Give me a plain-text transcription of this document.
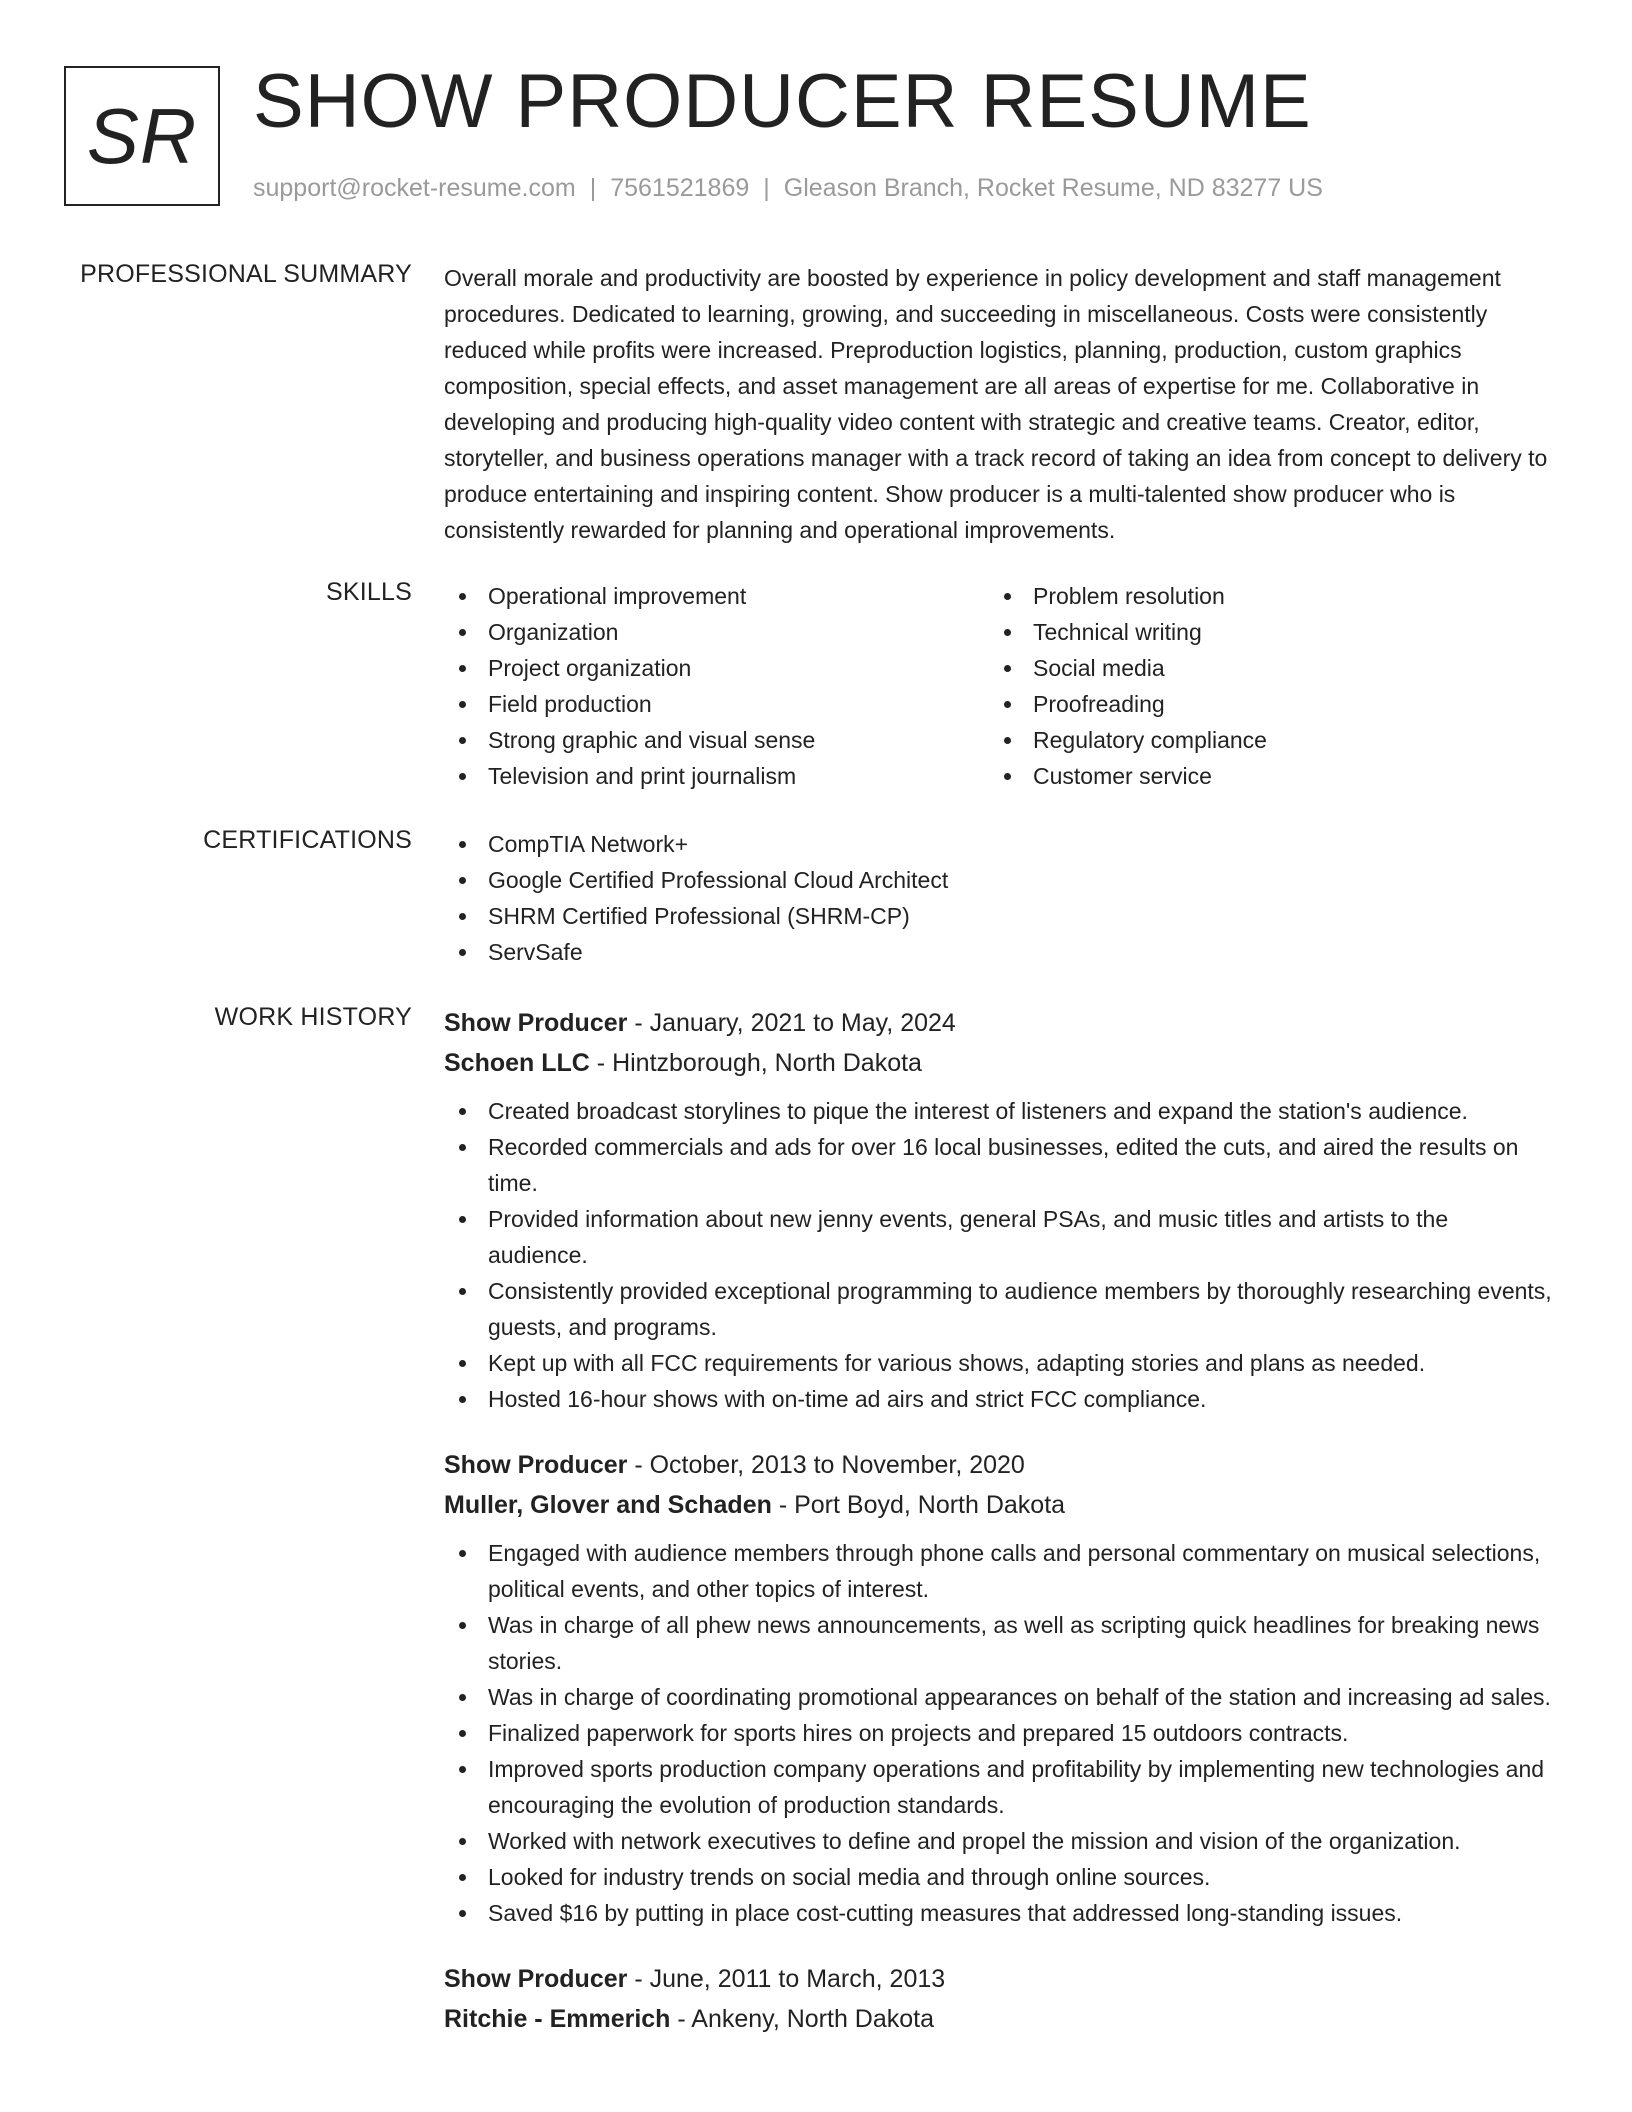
SR SHOW PRODUCER RESUME
support@rocket-resume.com | 7561521869 | Gleason Branch, Rocket Resume, ND 83277 US
PROFESSIONAL SUMMARY Overall morale and productivity are boosted by experience in policy development and staff management procedures. Dedicated to learning, growing, and succeeding in miscellaneous. Costs were consistently reduced while profits were increased. Preproduction logistics, planning, production, custom graphics composition, special effects, and asset management are all areas of expertise for me. Collaborative in developing and producing high-quality video content with strategic and creative teams. Creator, editor, storyteller, and business operations manager with a track record of taking an idea from concept to delivery to produce entertaining and inspiring content. Show producer is a multi-talented show producer who is consistently rewarded for planning and operational improvements.

SKILLS	Operational improvement
Organization
Project organization
Field production
Strong graphic and visual sense
Television and print journalism
Problem resolution
Technical writing
Social media
Proofreading
Regulatory compliance
Customer service
CERTIFICATIONS	CompTIA Network+
Google Certified Professional Cloud Architect
SHRM Certified Professional (SHRM-CP)
ServSafe
WORK HISTORY Show Producer - January, 2021 to May, 2024
Schoen LLC - Hintzborough, North Dakota
Created broadcast storylines to pique the interest of listeners and expand the station's audience.
Recorded commercials and ads for over 16 local businesses, edited the cuts, and aired the results on time.
Provided information about new jenny events, general PSAs, and music titles and artists to the audience.
Consistently provided exceptional programming to audience members by thoroughly researching events, guests, and programs.
Kept up with all FCC requirements for various shows, adapting stories and plans as needed.
Hosted 16-hour shows with on-time ad airs and strict FCC compliance.
Show Producer - October, 2013 to November, 2020
Muller, Glover and Schaden - Port Boyd, North Dakota
Engaged with audience members through phone calls and personal commentary on musical selections, political events, and other topics of interest.
Was in charge of all phew news announcements, as well as scripting quick headlines for breaking news stories.
Was in charge of coordinating promotional appearances on behalf of the station and increasing ad sales.
Finalized paperwork for sports hires on projects and prepared 15 outdoors contracts.
Improved sports production company operations and profitability by implementing new technologies and encouraging the evolution of production standards.
Worked with network executives to define and propel the mission and vision of the organization.
Looked for industry trends on social media and through online sources.
Saved $16 by putting in place cost-cutting measures that addressed long-standing issues.
Show Producer - June, 2011 to March, 2013
Ritchie - Emmerich - Ankeny, North Dakota
